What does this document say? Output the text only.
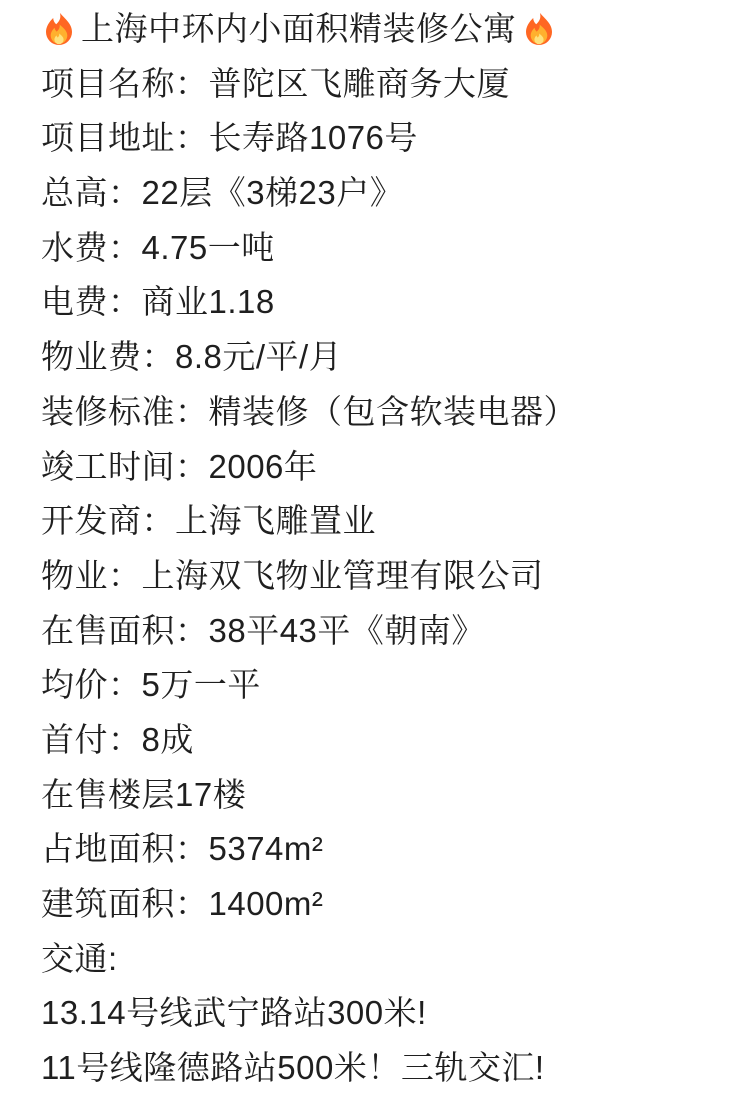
上海中环内小面积精装修公寓
项目名称：普陀区飞雕商务大厦
项目地址：长寿路1076号
总高：22层《3梯23户》
水费：4.75一吨
电费：商业1.18
物业费：8.8元/平/月
装修标准：精装修（包含软装电器）
竣工时间：2006年
开发商：上海飞雕置业
物业：上海双飞物业管理有限公司
在售面积：38平43平《朝南》
均价：5万一平
首付：8成
在售楼层17楼
占地面积：5374m²
建筑面积：1400m²
交通:
13.14号线武宁路站300米!
11号线隆德路站500米！三轨交汇!
